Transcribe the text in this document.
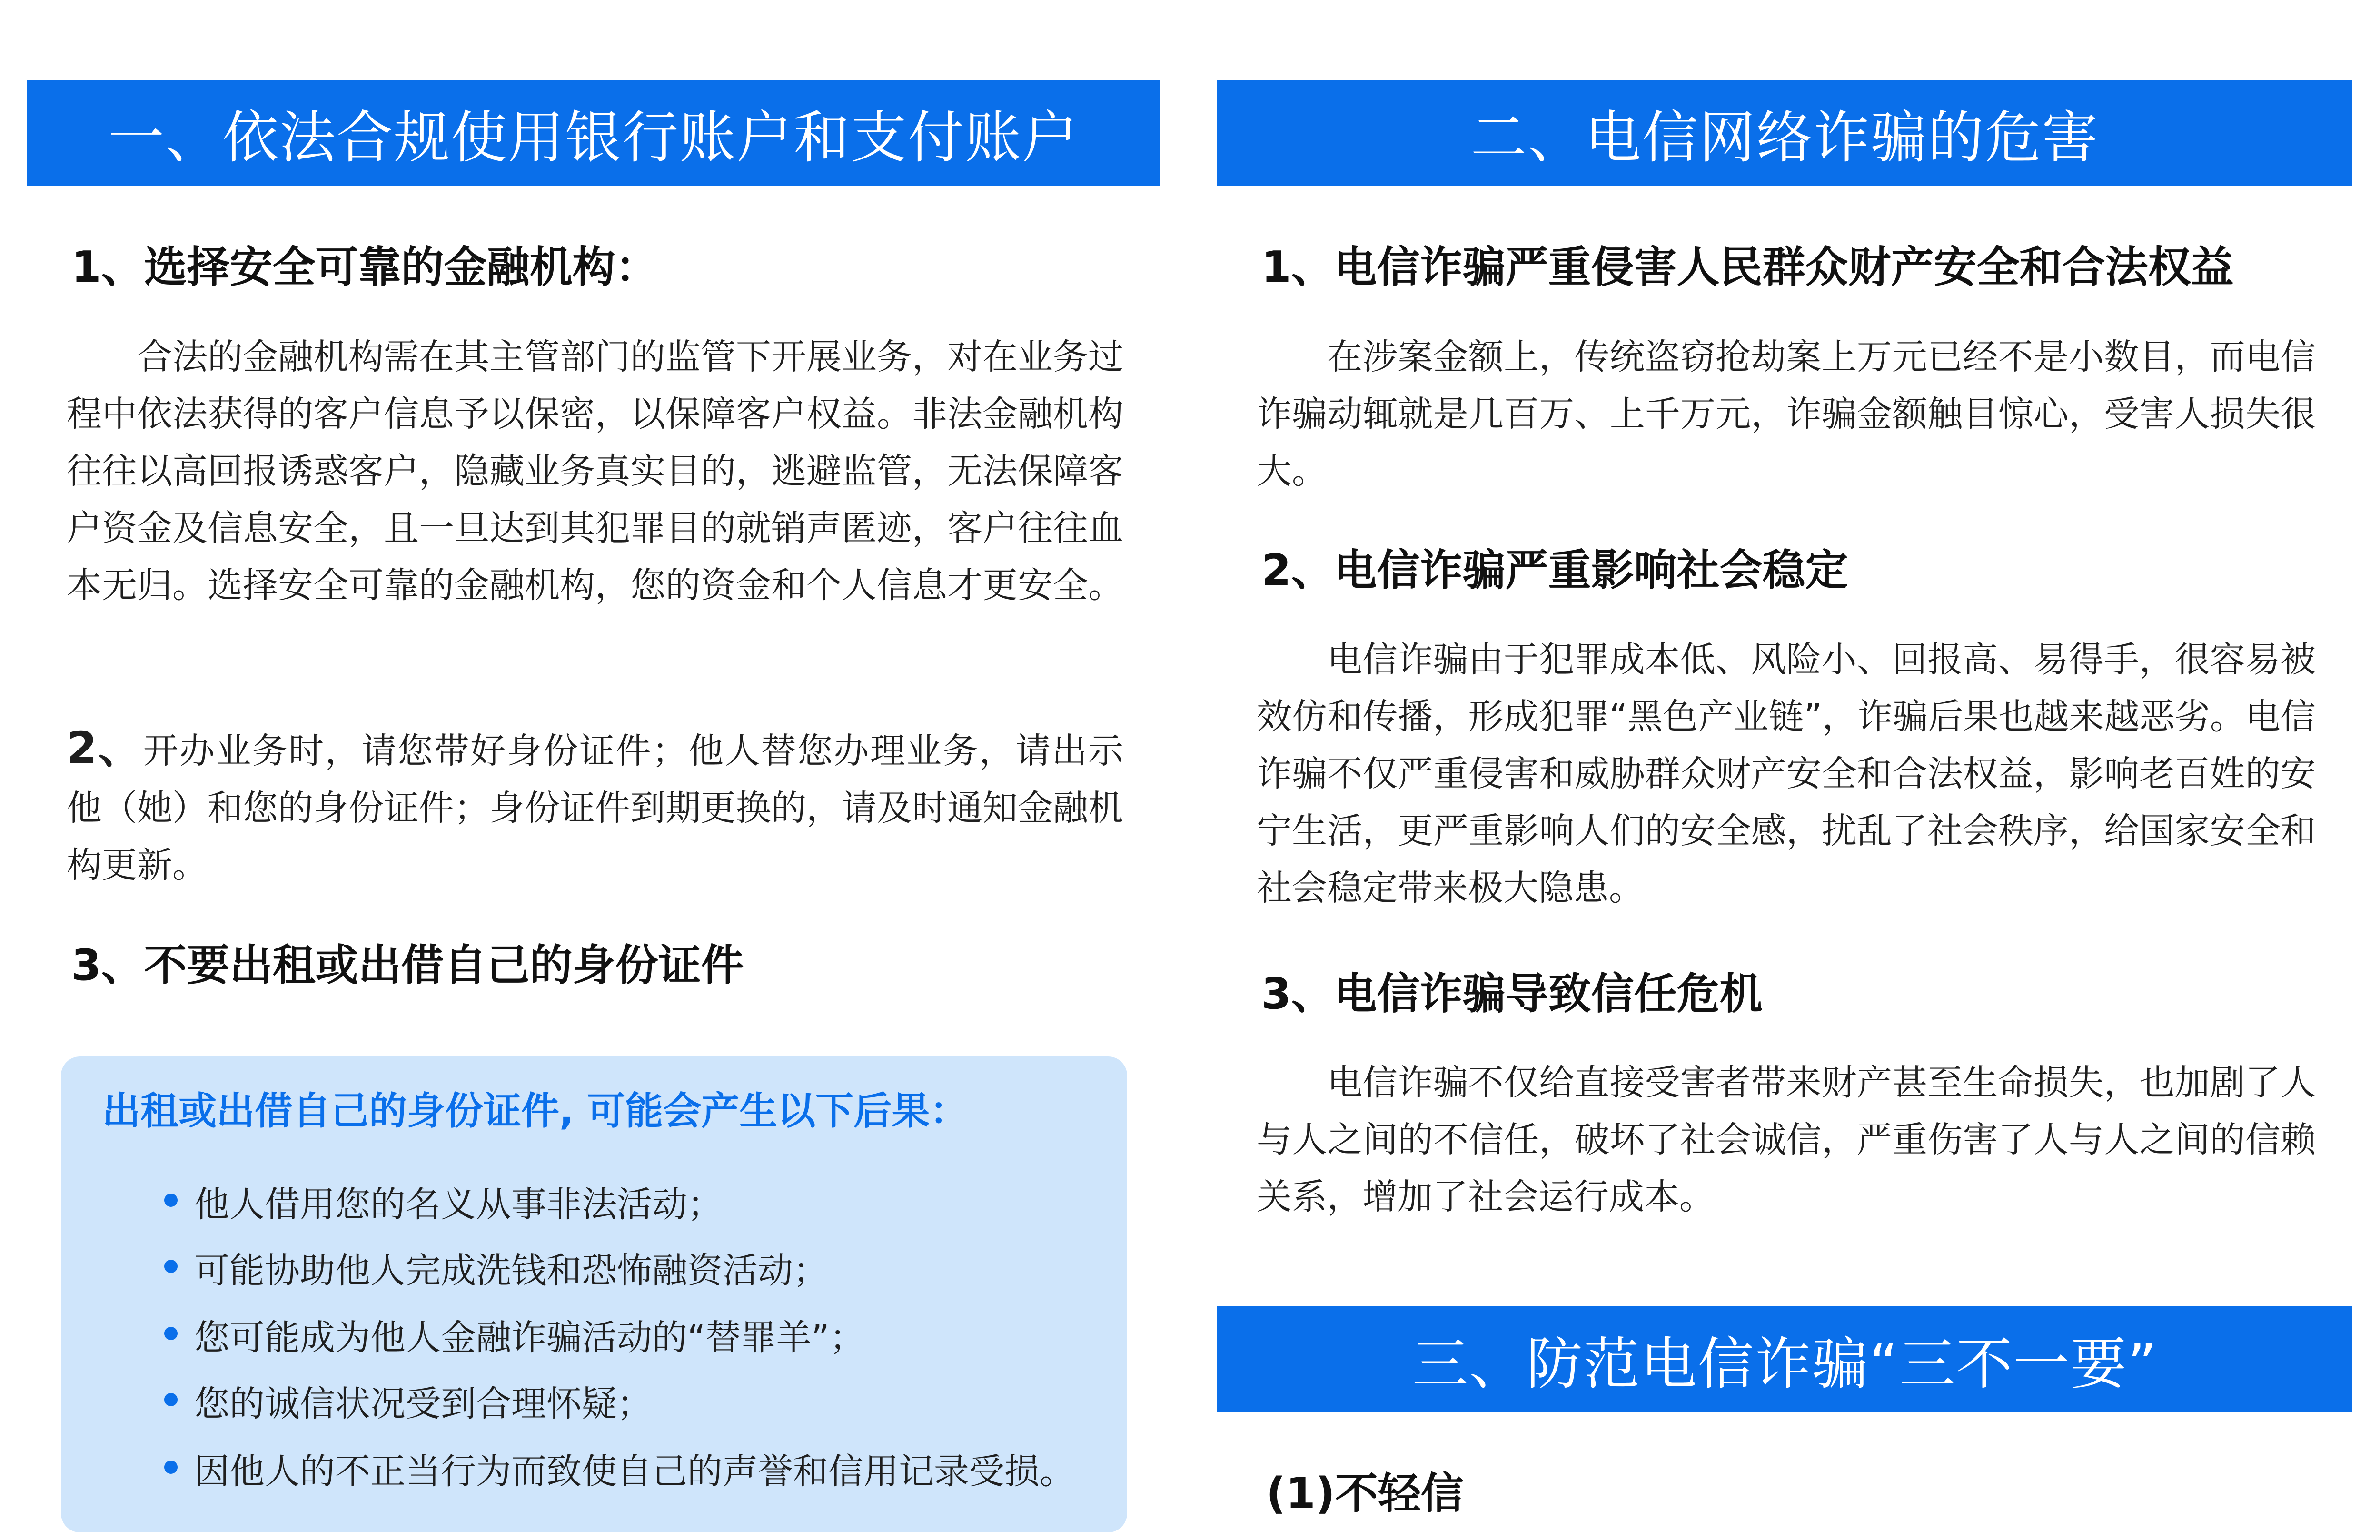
一、依法合规使用银行账户和支付账户
1、选择安全可靠的金融机构：

合法的金融机构需在其主管部门的监管下开展业务，对在业务过程中依法获得的客户信息予以保密，以保障客户权益。非法金融机构往往以高回报诱惑客户，隐藏业务真实目的，逃避监管，无法保障客户资金及信息安全，且一旦达到其犯罪目的就销声匿迹，客户往往血本无归。选择安全可靠的金融机构，您的资金和个人信息才更安全。

2、开办业务时，请您带好身份证件；他人替您办理业务，请出示他（她）和您的身份证件；身份证件到期更换的，请及时通知金融机构更新。

3、不要出租或出借自己的身份证件
出租或出借自己的身份证件, 可能会产生以下后果：
他人借用您的名义从事非法活动；
可能协助他人完成洗钱和恐怖融资活动；
您可能成为他人金融诈骗活动的“替罪羊”；
您的诚信状况受到合理怀疑；
因他人的不正当行为而致使自己的声誉和信用记录受损。
二、电信网络诈骗的危害
1、电信诈骗严重侵害人民群众财产安全和合法权益

在涉案金额上，传统盗窃抢劫案上万元已经不是小数目，而电信诈骗动辄就是几百万、上千万元，诈骗金额触目惊心，受害人损失很大。

2、电信诈骗严重影响社会稳定

电信诈骗由于犯罪成本低、风险小、回报高、易得手，很容易被效仿和传播，形成犯罪“黑色产业链”，诈骗后果也越来越恶劣。电信诈骗不仅严重侵害和威胁群众财产安全和合法权益，影响老百姓的安宁生活，更严重影响人们的安全感，扰乱了社会秩序，给国家安全和社会稳定带来极大隐患。

3、电信诈骗导致信任危机

电信诈骗不仅给直接受害者带来财产甚至生命损失，也加剧了人与人之间的不信任，破坏了社会诚信，严重伤害了人与人之间的信赖关系，增加了社会运行成本。

三、防范电信诈骗“三不一要”
(1)不轻信
